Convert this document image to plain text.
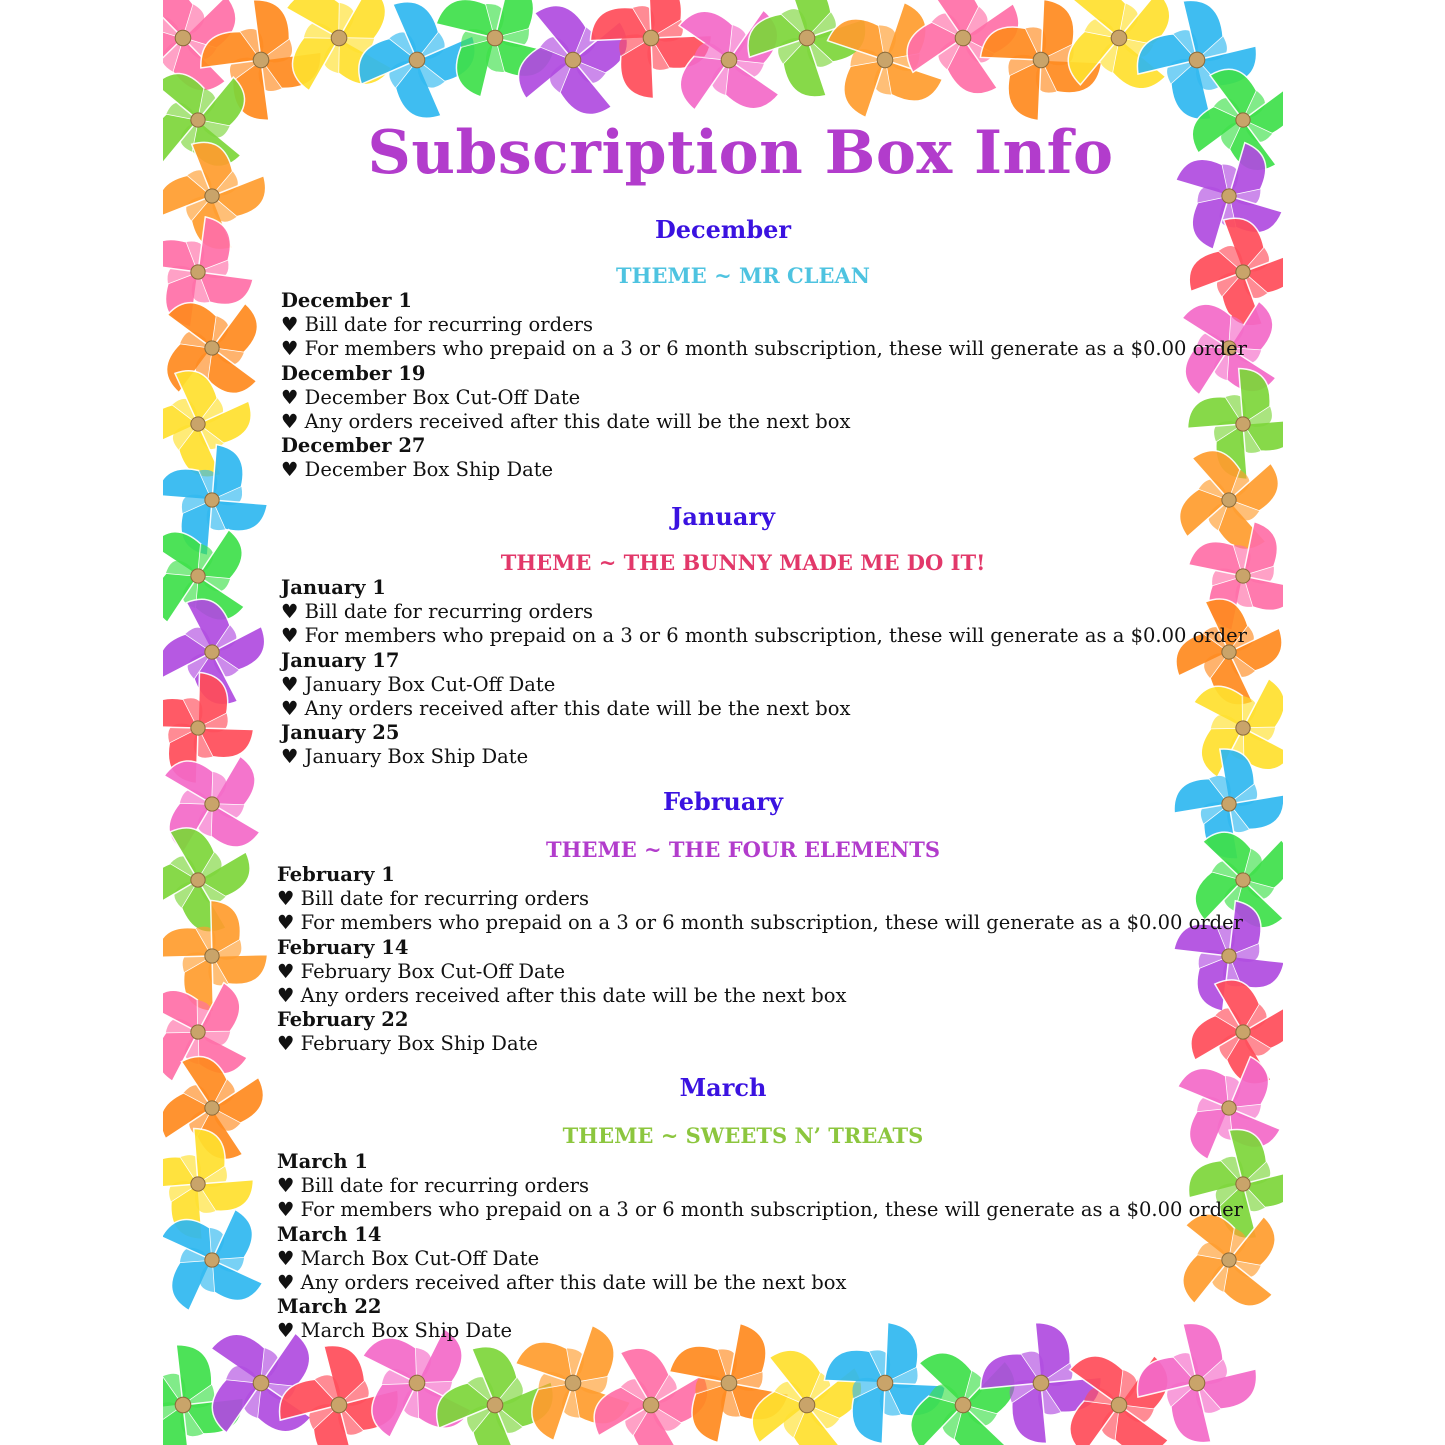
Subscription Box Info
December
THEME ~ MR CLEAN
December 1
♥ Bill date for recurring orders
♥ For members who prepaid on a 3 or 6 month subscription, these will generate as a $0.00 order
December 19
♥ December Box Cut-Off Date
♥ Any orders received after this date will be the next box
December 27
♥ December Box Ship Date
January
THEME ~ THE BUNNY MADE ME DO IT!
January 1
♥ Bill date for recurring orders
♥ For members who prepaid on a 3 or 6 month subscription, these will generate as a $0.00 order
January 17
♥ January Box Cut-Off Date
♥ Any orders received after this date will be the next box
January 25
♥ January Box Ship Date
February
THEME ~ THE FOUR ELEMENTS
February 1
♥ Bill date for recurring orders
♥ For members who prepaid on a 3 or 6 month subscription, these will generate as a $0.00 order
February 14
♥ February Box Cut-Off Date
♥ Any orders received after this date will be the next box
February 22
♥ February Box Ship Date
March
THEME ~ SWEETS N’ TREATS
March 1
♥ Bill date for recurring orders
♥ For members who prepaid on a 3 or 6 month subscription, these will generate as a $0.00 order
March 14
♥ March Box Cut-Off Date
♥ Any orders received after this date will be the next box
March 22
♥ March Box Ship Date
